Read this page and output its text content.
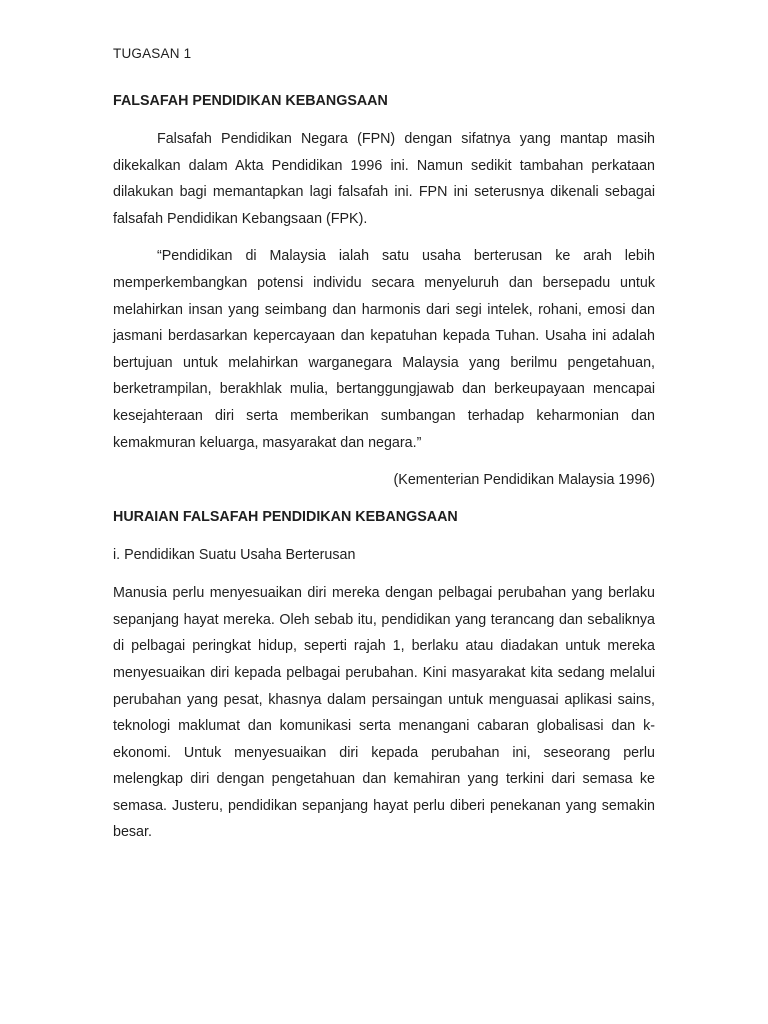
TUGASAN 1
FALSAFAH PENDIDIKAN KEBANGSAAN

Falsafah Pendidikan Negara (FPN) dengan sifatnya yang mantap masih dikekalkan dalam Akta Pendidikan 1996 ini. Namun sedikit tambahan perkataan dilakukan bagi memantapkan lagi falsafah ini. FPN ini seterusnya dikenali sebagai falsafah Pendidikan Kebangsaan (FPK).

“Pendidikan di Malaysia ialah satu usaha berterusan ke arah lebih memperkembangkan potensi individu secara menyeluruh dan bersepadu untuk melahirkan insan yang seimbang dan harmonis dari segi intelek, rohani, emosi dan jasmani berdasarkan kepercayaan dan kepatuhan kepada Tuhan. Usaha ini adalah bertujuan untuk melahirkan warganegara Malaysia yang berilmu pengetahuan, berketrampilan, berakhlak mulia, bertanggungjawab dan berkeupayaan mencapai kesejahteraan diri serta memberikan sumbangan terhadap keharmonian dan kemakmuran keluarga, masyarakat dan negara.”

(Kementerian Pendidikan Malaysia 1996)
HURAIAN FALSAFAH PENDIDIKAN KEBANGSAAN
i. Pendidikan Suatu Usaha Berterusan

Manusia perlu menyesuaikan diri mereka dengan pelbagai perubahan yang berlaku sepanjang hayat mereka. Oleh sebab itu, pendidikan yang terancang dan sebaliknya di pelbagai peringkat hidup, seperti rajah 1, berlaku atau diadakan untuk mereka menyesuaikan diri kepada pelbagai perubahan. Kini masyarakat kita sedang melalui perubahan yang pesat, khasnya dalam persaingan untuk menguasai aplikasi sains, teknologi maklumat dan komunikasi serta menangani cabaran globalisasi dan k-ekonomi. Untuk menyesuaikan diri kepada perubahan ini, seseorang perlu melengkap diri dengan pengetahuan dan kemahiran yang terkini dari semasa ke semasa. Justeru, pendidikan sepanjang hayat perlu diberi penekanan yang semakin besar.
